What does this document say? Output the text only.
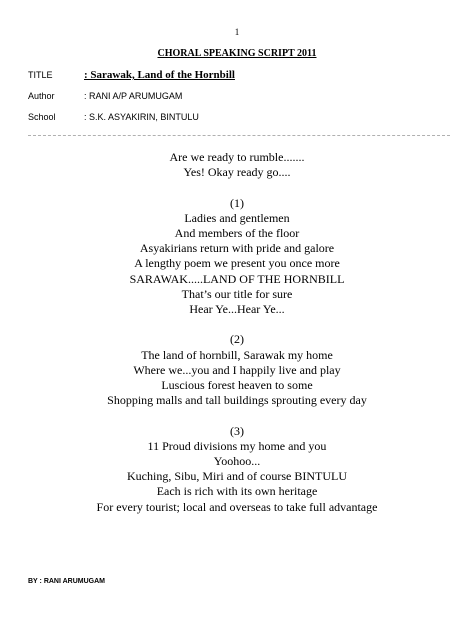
1
CHORAL SPEAKING SCRIPT 2011
TITLE	: Sarawak, Land of the Hornbill
Author	: RANI A/P ARUMUGAM
School	: S.K. ASYAKIRIN, BINTULU
Are we ready to rumble.......
Yes! Okay ready go....
(1)
Ladies and gentlemen
And members of the floor
Asyakirians return with pride and galore
A lengthy poem we present you once more
SARAWAK.....LAND OF THE HORNBILL
That’s our title for sure
Hear Ye...Hear Ye...
(2)
The land of hornbill, Sarawak my home
Where we...you and I happily live and play
Luscious forest heaven to some
Shopping malls and tall buildings sprouting every day
(3)
11 Proud divisions my home and you
Yoohoo...
Kuching, Sibu, Miri and of course BINTULU
Each is rich with its own heritage
For every tourist; local and overseas to take full advantage
BY : RANI ARUMUGAM
